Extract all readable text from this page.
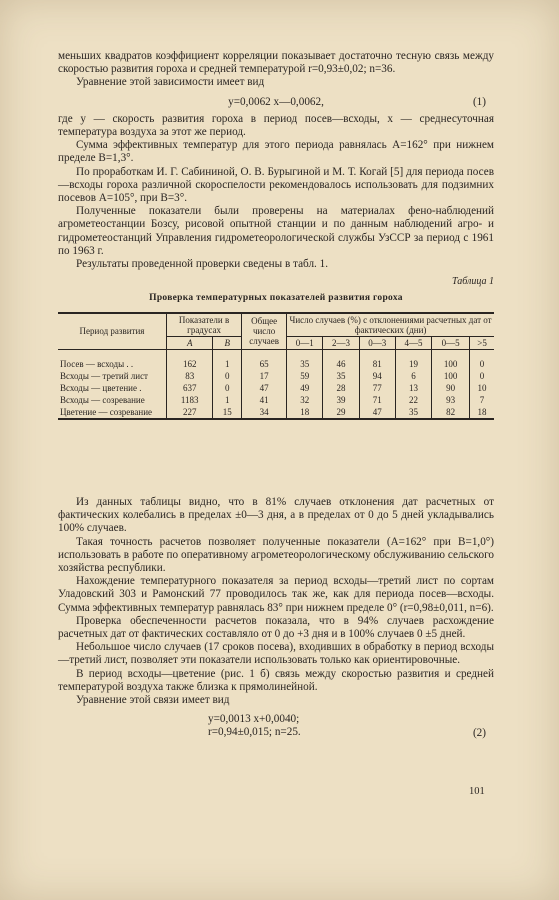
меньших квадратов коэффициент корреляции показывает достаточно тесную связь между скоростью развития гороха и средней температурой r=0,93±0,02; n=36.

Уравнение этой зависимости имеет вид

y=0,0062 x—0,0062,	(1)

где y — скорость развития гороха в период посев—всходы, x — среднесуточная температура воздуха за этот же период.

Сумма эффективных температур для этого периода равнялась A=162° при нижнем пределе B=1,3°.

По проработкам И. Г. Сабининой, О. В. Бурыгиной и М. Т. Когай [5] для периода посев—всходы гороха различной скороспелости рекомендовалось использовать для подзимних посевов A=105°, при B=3°.

Полученные показатели были проверены на материалах фено-наблюдений агрометеостанции Бозсу, рисовой опытной станции и по данным наблюдений агро- и гидрометеостанций Управления гидрометеорологической службы УзССР за период с 1961 по 1963 г.

Результаты проведенной проверки сведены в табл. 1.

Таблица 1
Проверка температурных показателей развития гороха
Период развития	Показатели в градусах		Общее число случаев	Число случаев (%) с отклонениями расчетных дат от фактических (дни)					
	A	B		0—1	2—3	0—3	4—5	0—5	>5

Посев — всходы . .	162	1	65	35	46	81	19	100	0
Всходы — третий лист	83	0	17	59	35	94	6	100	0
Всходы — цветение .	637	0	47	49	28	77	13	90	10
Всходы — созревание	1183	1	41	32	39	71	22	93	7
Цветение — созревание	227	15	34	18	29	47	35	82	18

Из данных таблицы видно, что в 81% случаев отклонения дат расчетных от фактических колебались в пределах ±0—3 дня, а в пределах от 0 до 5 дней укладывались 100% случаев.

Такая точность расчетов позволяет полученные показатели (A=162° при B=1,0°) использовать в работе по оперативному агрометеорологическому обслуживанию сельского хозяйства республики.

Нахождение температурного показателя за период всходы—третий лист по сортам Уладовский 303 и Рамонский 77 проводилось так же, как для периода посев—всходы. Сумма эффективных температур равнялась 83° при нижнем пределе 0° (r=0,98±0,011, n=6).

Проверка обеспеченности расчетов показала, что в 94% случаев расхождение расчетных дат от фактических составляло от 0 до +3 дня и в 100% случаев 0 ±5 дней.

Небольшое число случаев (17 сроков посева), входивших в обработку в период всходы—третий лист, позволяет эти показатели использовать только как ориентировочные.

В период всходы—цветение (рис. 1 б) связь между скоростью развития и средней температурой воздуха также близка к прямолинейной.

Уравнение этой связи имеет вид

y=0,0013 x+0,0040;
r=0,94±0,015; n=25.	(2)
101
